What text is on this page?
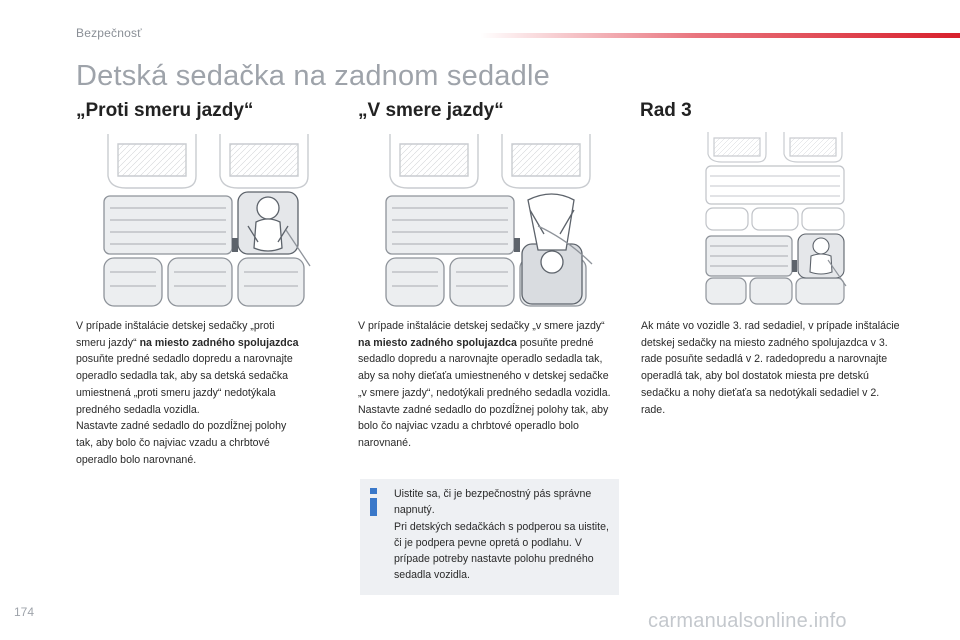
Bezpečnosť
Detská sedačka na zadnom sedadle
„Proti smeru jazdy“

V prípade inštalácie detskej sedačky „proti smeru jazdy“ na miesto zadného spolujazdca posuňte predné sedadlo dopredu a narovnajte operadlo sedadla tak, aby sa detská sedačka umiestnená „proti smeru jazdy“ nedotýkala predného sedadla vozidla.
Nastavte zadné sedadlo do pozdĺžnej polohy tak, aby bolo čo najviac vzadu a chrbtové operadlo bolo narovnané.

„V smere jazdy“

V prípade inštalácie detskej sedačky „v smere jazdy“ na miesto zadného spolujazdca posuňte predné sedadlo dopredu a narovnajte operadlo sedadla tak, aby sa nohy dieťaťa umiestneného v detskej sedačke „v smere jazdy“, nedotýkali predného sedadla vozidla.
Nastavte zadné sedadlo do pozdĺžnej polohy tak, aby bolo čo najviac vzadu a chrbtové operadlo bolo narovnané.

Uistite sa, či je bezpečnostný pás správne napnutý.
Pri detských sedačkách s podperou sa uistite, či je podpera pevne opretá o podlahu. V prípade potreby nastavte polohu predného sedadla vozidla.

Rad 3

Ak máte vo vozidle 3. rad sedadiel, v prípade inštalácie detskej sedačky na miesto zadného spolujazdca v 3. rade posuňte sedadlá v 2. radedopredu a narovnajte operadlá tak, aby bol dostatok miesta pre detskú sedačku a nohy dieťaťa sa nedotýkali sedadiel v 2. rade.

174	carmanualsonline.info
